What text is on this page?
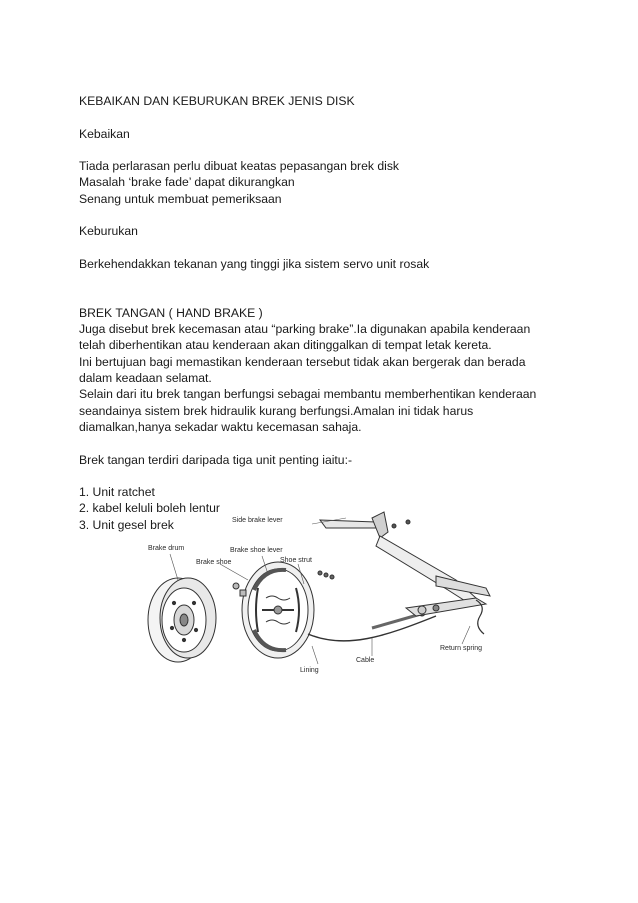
KEBAIKAN DAN KEBURUKAN BREK JENIS DISK
Kebaikan
Tiada perlarasan perlu dibuat keatas pepasangan brek disk
Masalah ‘brake fade’ dapat dikurangkan
Senang untuk membuat pemeriksaan
Keburukan
Berkehendakkan tekanan yang tinggi jika sistem servo unit rosak
BREK TANGAN ( HAND BRAKE )
Juga disebut brek kecemasan atau “parking brake”.Ia digunakan apabila kenderaan
telah diberhentikan atau kenderaan akan ditinggalkan di tempat letak kereta.
Ini bertujuan bagi memastikan kenderaan tersebut tidak akan bergerak dan berada
dalam keadaan selamat.
Selain dari itu brek tangan berfungsi sebagai membantu memberhentikan kenderaan
seandainya sistem brek hidraulik kurang berfungsi.Amalan ini tidak harus
diamalkan,hanya sekadar waktu kecemasan sahaja.
Brek tangan terdiri daripada tiga unit penting iaitu:-
1. Unit ratchet
2. kabel keluli boleh lentur
3. Unit gesel brek	Side brake lever
Brake drum	Brake shoe lever
Brake shoe	Shoe strut
Return spring
Cable
Lining
